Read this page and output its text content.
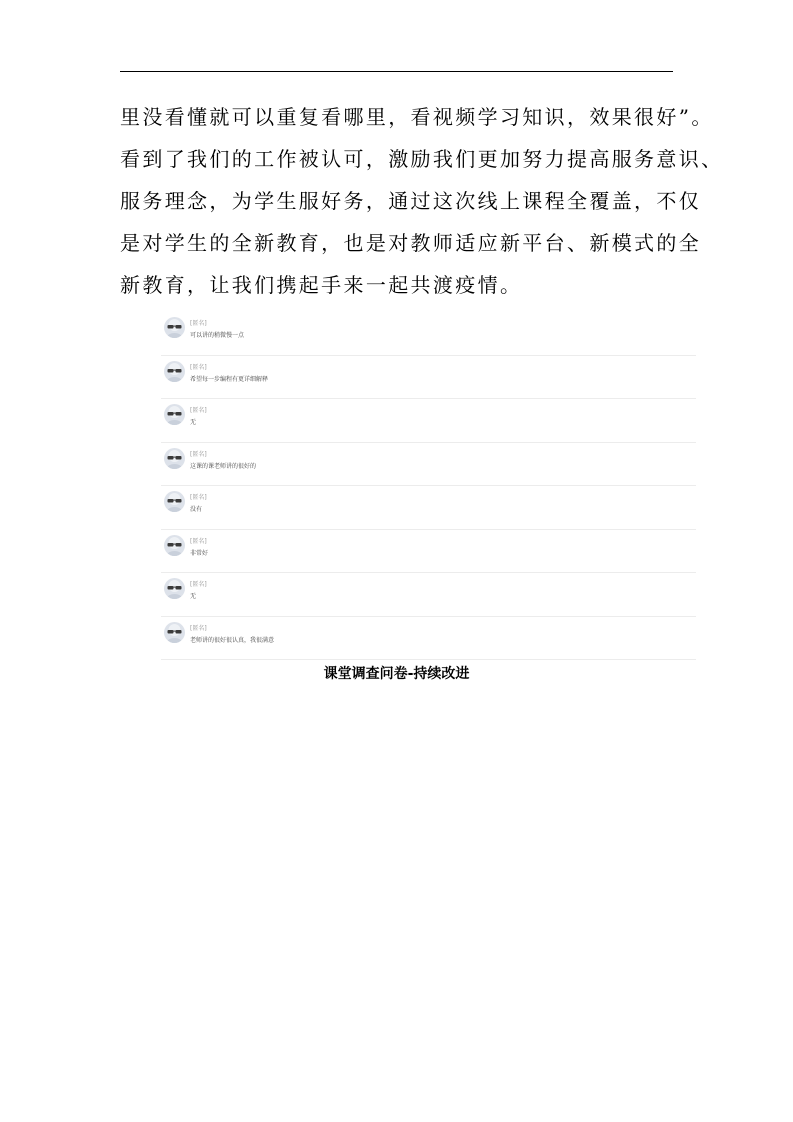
里没看懂就可以重复看哪里，看视频学习知识，效果很好”。
看到了我们的工作被认可，激励我们更加努力提高服务意识、
服务理念，为学生服好务，通过这次线上课程全覆盖，不仅
是对学生的全新教育，也是对教师适应新平台、新模式的全
新教育，让我们携起手来一起共渡疫情。
[匿名]
可以讲的稍微慢一点
[匿名]
希望每一步编程有更详细解释
[匿名]
无
[匿名]
这课的课老师讲的很好的
[匿名]
没有
[匿名]
非常好
[匿名]
无
[匿名]
老师讲的很好很认真，我很满意
课堂调查问卷-持续改进
